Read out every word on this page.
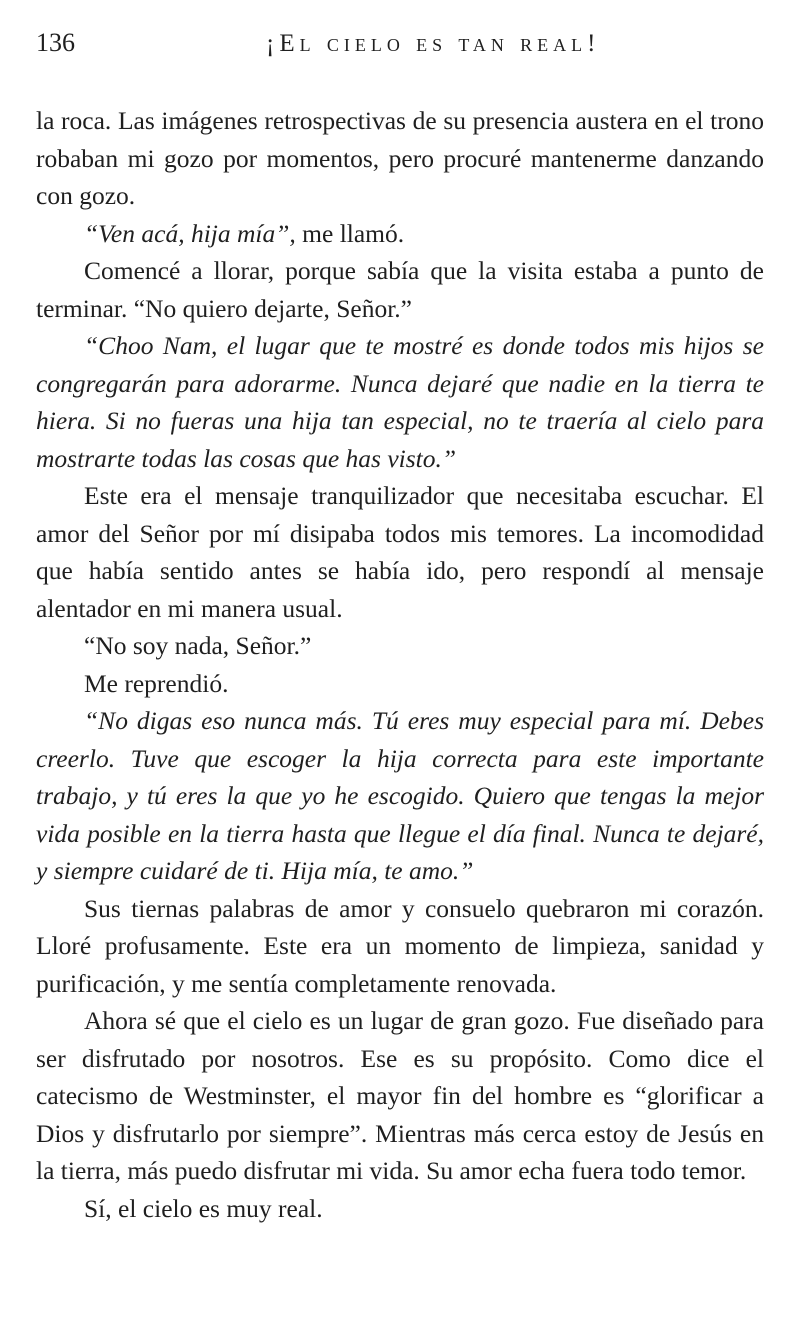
136	¡El cielo es tan real!

la roca. Las imágenes retrospectivas de su presencia austera en el trono robaban mi gozo por momentos, pero procuré mantenerme danzando con gozo.

“Ven acá, hija mía”, me llamó.

Comencé a llorar, porque sabía que la visita estaba a punto de terminar. “No quiero dejarte, Señor.”

“Choo Nam, el lugar que te mostré es donde todos mis hijos se congregarán para adorarme. Nunca dejaré que nadie en la tierra te hiera. Si no fueras una hija tan especial, no te traería al cielo para mostrarte todas las cosas que has visto.”

Este era el mensaje tranquilizador que necesitaba escuchar. El amor del Señor por mí disipaba todos mis temores. La incomodidad que había sentido antes se había ido, pero respondí al mensaje alentador en mi manera usual.

“No soy nada, Señor.”

Me reprendió.

“No digas eso nunca más. Tú eres muy especial para mí. Debes creerlo. Tuve que escoger la hija correcta para este importante trabajo, y tú eres la que yo he escogido. Quiero que tengas la mejor vida posible en la tierra hasta que llegue el día final. Nunca te dejaré, y siempre cuidaré de ti. Hija mía, te amo.”

Sus tiernas palabras de amor y consuelo quebraron mi corazón. Lloré profusamente. Este era un momento de limpieza, sanidad y purificación, y me sentía completamente renovada.

Ahora sé que el cielo es un lugar de gran gozo. Fue diseñado para ser disfrutado por nosotros. Ese es su propósito. Como dice el catecismo de Westminster, el mayor fin del hombre es “glorificar a Dios y disfrutarlo por siempre”. Mientras más cerca estoy de Jesús en la tierra, más puedo disfrutar mi vida. Su amor echa fuera todo temor.

Sí, el cielo es muy real.
